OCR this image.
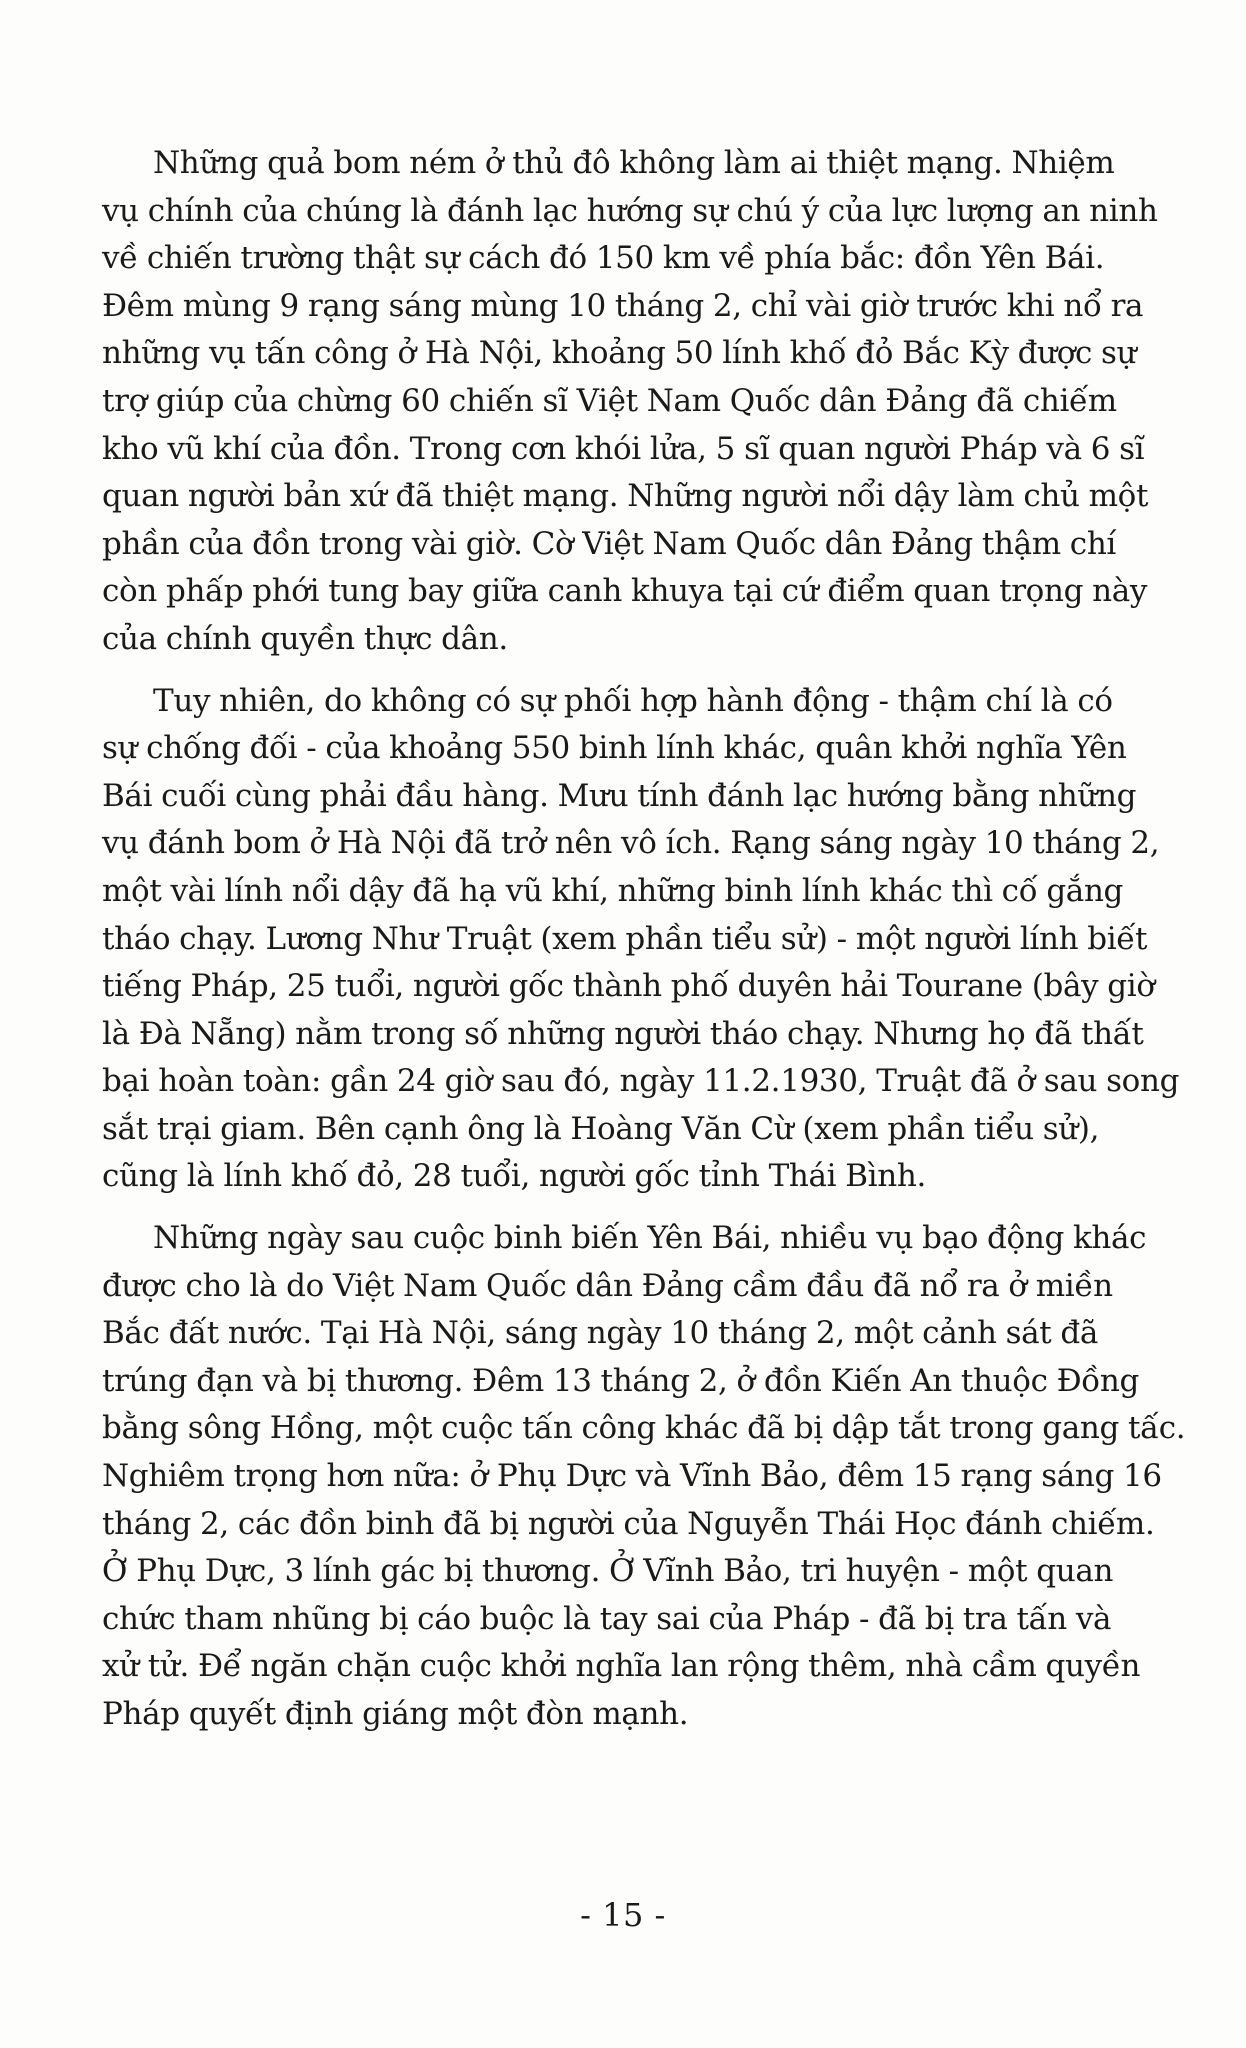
Những quả bom ném ở thủ đô không làm ai thiệt mạng. Nhiệm
vụ chính của chúng là đánh lạc hướng sự chú ý của lực lượng an ninh
về chiến trường thật sự cách đó 150 km về phía bắc: đồn Yên Bái.
Đêm mùng 9 rạng sáng mùng 10 tháng 2, chỉ vài giờ trước khi nổ ra
những vụ tấn công ở Hà Nội, khoảng 50 lính khố đỏ Bắc Kỳ được sự
trợ giúp của chừng 60 chiến sĩ Việt Nam Quốc dân Đảng đã chiếm
kho vũ khí của đồn. Trong cơn khói lửa, 5 sĩ quan người Pháp và 6 sĩ
quan người bản xứ đã thiệt mạng. Những người nổi dậy làm chủ một
phần của đồn trong vài giờ. Cờ Việt Nam Quốc dân Đảng thậm chí
còn phấp phới tung bay giữa canh khuya tại cứ điểm quan trọng này
của chính quyền thực dân.

Tuy nhiên, do không có sự phối hợp hành động - thậm chí là có
sự chống đối - của khoảng 550 binh lính khác, quân khởi nghĩa Yên
Bái cuối cùng phải đầu hàng. Mưu tính đánh lạc hướng bằng những
vụ đánh bom ở Hà Nội đã trở nên vô ích. Rạng sáng ngày 10 tháng 2,
một vài lính nổi dậy đã hạ vũ khí, những binh lính khác thì cố gắng
tháo chạy. Lương Như Truật (xem phần tiểu sử) - một người lính biết
tiếng Pháp, 25 tuổi, người gốc thành phố duyên hải Tourane (bây giờ
là Đà Nẵng) nằm trong số những người tháo chạy. Nhưng họ đã thất
bại hoàn toàn: gần 24 giờ sau đó, ngày 11.2.1930, Truật đã ở sau song
sắt trại giam. Bên cạnh ông là Hoàng Văn Cừ (xem phần tiểu sử),
cũng là lính khố đỏ, 28 tuổi, người gốc tỉnh Thái Bình.

Những ngày sau cuộc binh biến Yên Bái, nhiều vụ bạo động khác
được cho là do Việt Nam Quốc dân Đảng cầm đầu đã nổ ra ở miền
Bắc đất nước. Tại Hà Nội, sáng ngày 10 tháng 2, một cảnh sát đã
trúng đạn và bị thương. Đêm 13 tháng 2, ở đồn Kiến An thuộc Đồng
bằng sông Hồng, một cuộc tấn công khác đã bị dập tắt trong gang tấc.
Nghiêm trọng hơn nữa: ở Phụ Dực và Vĩnh Bảo, đêm 15 rạng sáng 16
tháng 2, các đồn binh đã bị người của Nguyễn Thái Học đánh chiếm.
Ở Phụ Dực, 3 lính gác bị thương. Ở Vĩnh Bảo, tri huyện - một quan
chức tham nhũng bị cáo buộc là tay sai của Pháp - đã bị tra tấn và
xử tử. Để ngăn chặn cuộc khởi nghĩa lan rộng thêm, nhà cầm quyền
Pháp quyết định giáng một đòn mạnh.

- 15 -
